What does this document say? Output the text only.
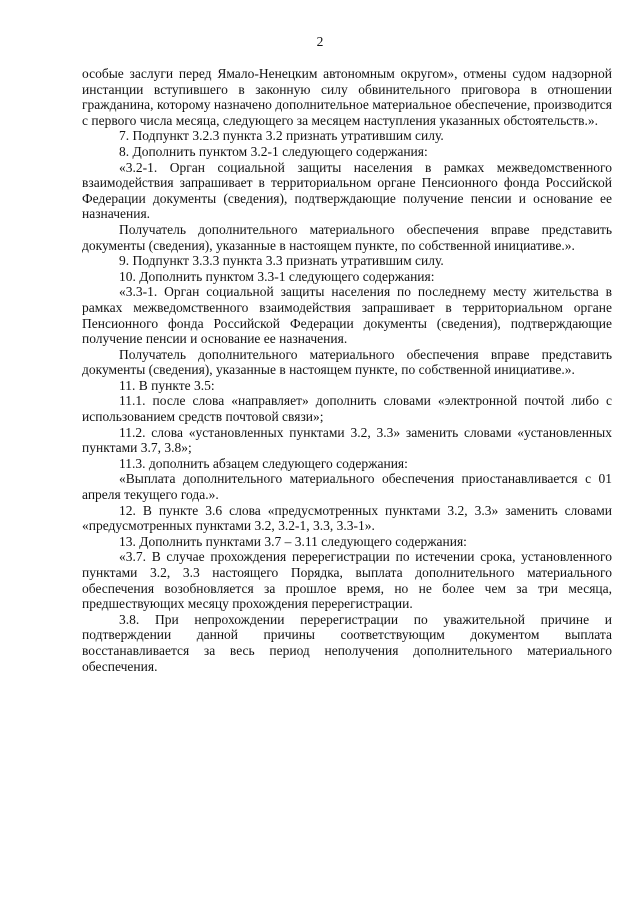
2

особые заслуги перед Ямало-Ненецким автономным округом», отмены судом надзорной инстанции вступившего в законную силу обвинительного приговора в отношении гражданина, которому назначено дополнительное материальное обеспечение, производится с первого числа месяца, следующего за месяцем наступления указанных обстоятельств.».

7. Подпункт 3.2.3 пункта 3.2 признать утратившим силу.

8. Дополнить пунктом 3.2-1 следующего содержания:

«3.2-1. Орган социальной защиты населения в рамках межведомственного взаимодействия запрашивает в территориальном органе Пенсионного фонда Российской Федерации документы (сведения), подтверждающие получение пенсии и основание ее назначения.

Получатель дополнительного материального обеспечения вправе представить документы (сведения), указанные в настоящем пункте, по собственной инициативе.».

9. Подпункт 3.3.3 пункта 3.3 признать утратившим силу.

10. Дополнить пунктом 3.3-1 следующего содержания:

«3.3-1. Орган социальной защиты населения по последнему месту жительства в рамках межведомственного взаимодействия запрашивает в территориальном органе Пенсионного фонда Российской Федерации документы (сведения), подтверждающие получение пенсии и основание ее назначения.

Получатель дополнительного материального обеспечения вправе представить документы (сведения), указанные в настоящем пункте, по собственной инициативе.».

11. В пункте 3.5:

11.1. после слова «направляет» дополнить словами «электронной почтой либо с использованием средств почтовой связи»;

11.2. слова «установленных пунктами 3.2, 3.3» заменить словами «установленных пунктами 3.7, 3.8»;

11.3. дополнить абзацем следующего содержания:

«Выплата дополнительного материального обеспечения приостанавливается с 01 апреля текущего года.».

12. В пункте 3.6 слова «предусмотренных пунктами 3.2, 3.3» заменить словами «предусмотренных пунктами 3.2, 3.2-1, 3.3, 3.3-1».

13. Дополнить пунктами 3.7 – 3.11 следующего содержания:

«3.7. В случае прохождения перерегистрации по истечении срока, установленного пунктами 3.2, 3.3 настоящего Порядка, выплата дополнительного материального обеспечения возобновляется за прошлое время, но не более чем за три месяца, предшествующих месяцу прохождения перерегистрации.

3.8. При непрохождении перерегистрации по уважительной причине и подтверждении данной причины соответствующим документом выплата восстанавливается за весь период неполучения дополнительного материального обеспечения.
